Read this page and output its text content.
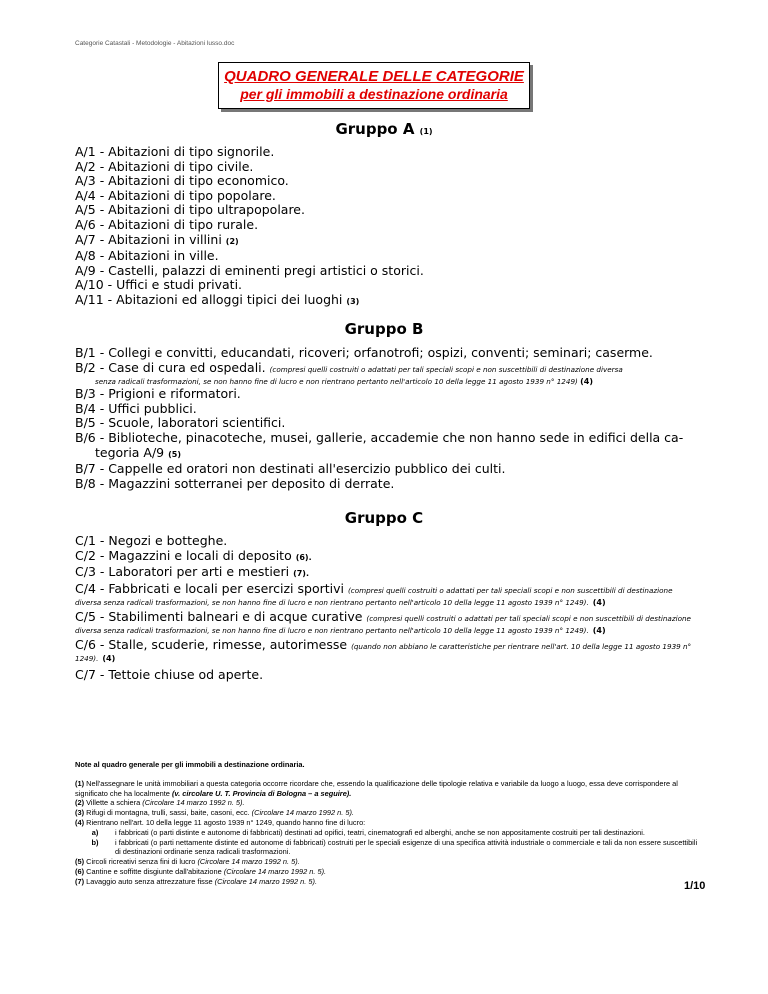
Categorie Catastali - Metodologie - Abitazioni lusso.doc
QUADRO GENERALE DELLE CATEGORIE
per gli immobili a destinazione ordinaria
Gruppo A (1)
A/1 - Abitazioni di tipo signorile.
A/2 - Abitazioni di tipo civile.
A/3 - Abitazioni di tipo economico.
A/4 - Abitazioni di tipo popolare.
A/5 - Abitazioni di tipo ultrapopolare.
A/6 - Abitazioni di tipo rurale.
A/7 - Abitazioni in villini (2)
A/8 - Abitazioni in ville.
A/9 - Castelli, palazzi di eminenti pregi artistici o storici.
A/10 - Uffici e studi privati.
A/11 - Abitazioni ed alloggi tipici dei luoghi (3)
Gruppo B
B/1 - Collegi e convitti, educandati, ricoveri; orfanotrofi; ospizi, conventi; seminari; caserme.
B/2 - Case di cura ed ospedali. (compresi quelli costruiti o adattati per tali speciali scopi e non suscettibili di destinazione diversa
senza radicali trasformazioni, se non hanno fine di lucro e non rientrano pertanto nell'articolo 10 della legge 11 agosto 1939 n° 1249) (4)
B/3 - Prigioni e riformatori.
B/4 - Uffici pubblici.
B/5 - Scuole, laboratori scientifici.
B/6 - Biblioteche, pinacoteche, musei, gallerie, accademie che non hanno sede in edifici della ca-
tegoria A/9 (5)
B/7 - Cappelle ed oratori non destinati all'esercizio pubblico dei culti.
B/8 - Magazzini sotterranei per deposito di derrate.
Gruppo C
C/1 - Negozi e botteghe.
C/2 - Magazzini e locali di deposito (6).
C/3 - Laboratori per arti e mestieri (7).
C/4 - Fabbricati e locali per esercizi sportivi (compresi quelli costruiti o adattati per tali speciali scopi e non suscettibili di destinazione diversa senza radicali trasformazioni, se non hanno fine di lucro e non rientrano pertanto nell'articolo 10 della legge 11 agosto 1939 n° 1249). (4)
C/5 - Stabilimenti balneari e di acque curative (compresi quelli costruiti o adattati per tali speciali scopi e non suscettibili di destinazione diversa senza radicali trasformazioni, se non hanno fine di lucro e non rientrano pertanto nell'articolo 10 della legge 11 agosto 1939 n° 1249). (4)
C/6 - Stalle, scuderie, rimesse, autorimesse (quando non abbiano le caratteristiche per rientrare nell'art. 10 della legge 11 agosto 1939 n° 1249). (4)
C/7 - Tettoie chiuse od aperte.
Note al quadro generale per gli immobili a destinazione ordinaria.
(1) Nell'assegnare le unità immobiliari a questa categoria occorre ricordare che, essendo la qualificazione delle tipologie relativa e variabile da luogo a luogo, essa deve corrispondere al significato che ha localmente (v. circolare U. T. Provincia di Bologna – a seguire).
(2) Villette a schiera (Circolare 14 marzo 1992 n. 5).
(3) Rifugi di montagna, trulli, sassi, baite, casoni, ecc. (Circolare 14 marzo 1992 n. 5).
(4) Rientrano nell'art. 10 della legge 11 agosto 1939 n° 1249, quando hanno fine di lucro:
a)	i fabbricati (o parti distinte e autonome di fabbricati) destinati ad opifici, teatri, cinematografi ed alberghi, anche se non appositamente costruiti per tali destinazioni.
b)	i fabbricati (o parti nettamente distinte ed autonome di fabbricati) costruiti per le speciali esigenze di una specifica attività industriale o commerciale e tali da non essere suscettibili di destinazioni ordinarie senza radicali trasformazioni.
(5) Circoli ricreativi senza fini di lucro (Circolare 14 marzo 1992 n. 5).
(6) Cantine e soffitte disgiunte dall'abitazione (Circolare 14 marzo 1992 n. 5).
(7) Lavaggio auto senza attrezzature fisse (Circolare 14 marzo 1992 n. 5).	1/10
